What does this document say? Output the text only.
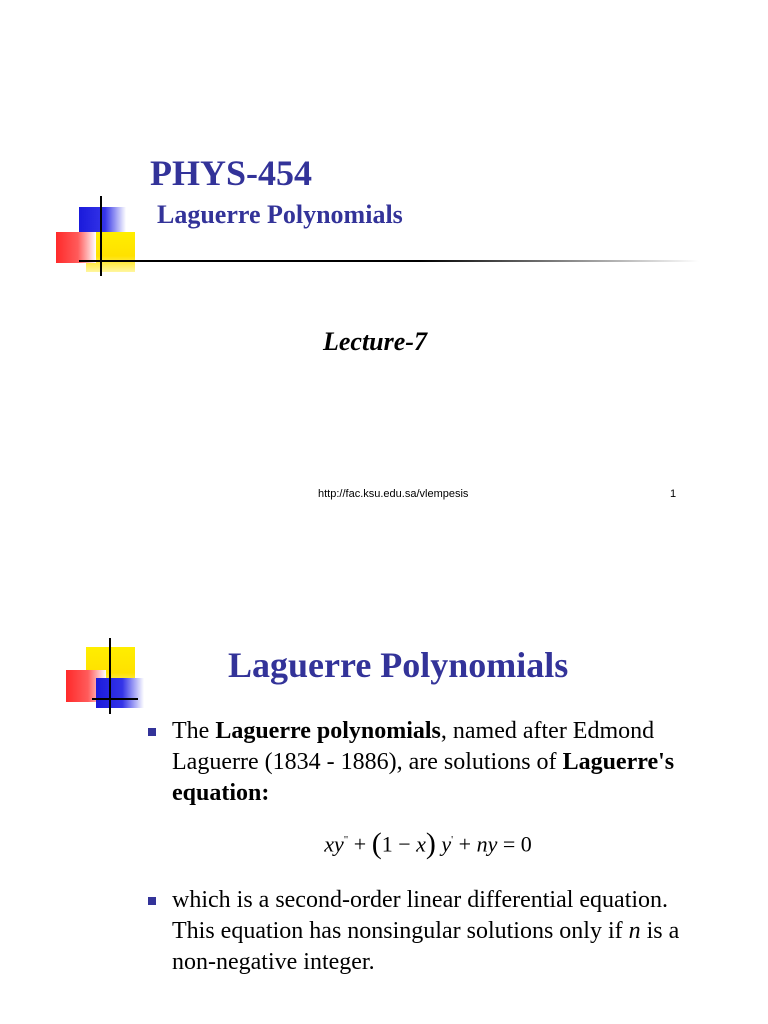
PHYS-454
Laguerre Polynomials
Lecture-7
http://fac.ksu.edu.sa/vlempesis	1
Laguerre Polynomials
The Laguerre polynomials, named after Edmond Laguerre (1834 - 1886), are solutions of Laguerre's equation:
xy" + (1 − x) y' + ny = 0
which is a second-order linear differential equation. This equation has nonsingular solutions only if n is a non-negative integer.
